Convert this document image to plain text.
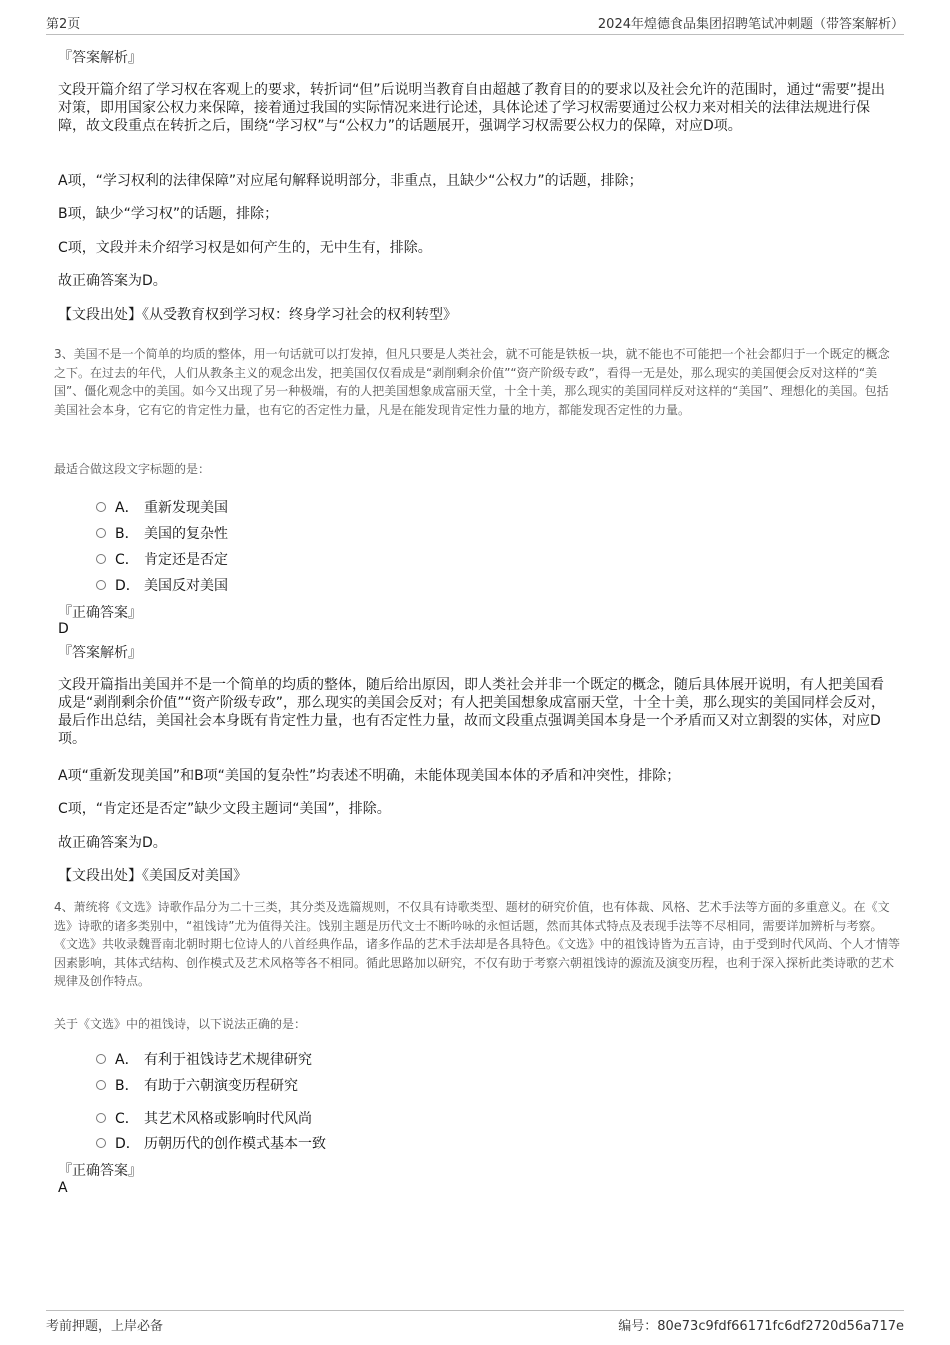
第2页	2024年煌德食品集团招聘笔试冲刺题（带答案解析）
『答案解析』

文段开篇介绍了学习权在客观上的要求，转折词“但”后说明当教育自由超越了教育目的的要求以及社会允许的范围时，通过“需要”提出对策，即用国家公权力来保障，接着通过我国的实际情况来进行论述，具体论述了学习权需要通过公权力来对相关的法律法规进行保障，故文段重点在转折之后，围绕“学习权”与“公权力”的话题展开，强调学习权需要公权力的保障，对应D项。

A项，“学习权利的法律保障”对应尾句解释说明部分，非重点，且缺少“公权力”的话题，排除；
B项，缺少“学习权”的话题，排除；
C项，文段并未介绍学习权是如何产生的，无中生有，排除。
故正确答案为D。
【文段出处】《从受教育权到学习权：终身学习社会的权利转型》

3、美国不是一个简单的均质的整体，用一句话就可以打发掉，但凡只要是人类社会，就不可能是铁板一块，就不能也不可能把一个社会都归于一个既定的概念之下。在过去的年代，人们从教条主义的观念出发，把美国仅仅看成是“剥削剩余价值”“资产阶级专政”，看得一无是处，那么现实的美国便会反对这样的“美国”、僵化观念中的美国。如今又出现了另一种极端，有的人把美国想象成富丽天堂，十全十美，那么现实的美国同样反对这样的“美国”、理想化的美国。包括美国社会本身，它有它的肯定性力量，也有它的否定性力量，凡是在能发现肯定性力量的地方，都能发现否定性的力量。

最适合做这段文字标题的是：
A． 重新发现美国
B． 美国的复杂性
C． 肯定还是否定
D． 美国反对美国
『正确答案』
D
『答案解析』

文段开篇指出美国并不是一个简单的均质的整体，随后给出原因，即人类社会并非一个既定的概念，随后具体展开说明，有人把美国看成是“剥削剩余价值”“资产阶级专政”，那么现实的美国会反对；有人把美国想象成富丽天堂，十全十美，那么现实的美国同样会反对，最后作出总结，美国社会本身既有肯定性力量，也有否定性力量，故而文段重点强调美国本身是一个矛盾而又对立割裂的实体，对应D项。

A项“重新发现美国”和B项“美国的复杂性”均表述不明确，未能体现美国本体的矛盾和冲突性，排除；
C项，“肯定还是否定”缺少文段主题词“美国”，排除。
故正确答案为D。
【文段出处】《美国反对美国》

4、萧统将《文选》诗歌作品分为二十三类，其分类及选篇规则，不仅具有诗歌类型、题材的研究价值，也有体裁、风格、艺术手法等方面的多重意义。在《文选》诗歌的诸多类别中，“祖饯诗”尤为值得关注。饯别主题是历代文士不断吟咏的永恒话题，然而其体式特点及表现手法等不尽相同，需要详加辨析与考察。《文选》共收录魏晋南北朝时期七位诗人的八首经典作品，诸多作品的艺术手法却是各具特色。《文选》中的祖饯诗皆为五言诗，由于受到时代风尚、个人才情等因素影响，其体式结构、创作模式及艺术风格等各不相同。循此思路加以研究，不仅有助于考察六朝祖饯诗的源流及演变历程，也利于深入探析此类诗歌的艺术规律及创作特点。

关于《文选》中的祖饯诗，以下说法正确的是：
A． 有利于祖饯诗艺术规律研究
B． 有助于六朝演变历程研究
C． 其艺术风格或影响时代风尚
D． 历朝历代的创作模式基本一致
『正确答案』
A
考前押题，上岸必备	编号：80e73c9fdf66171fc6df2720d56a717e
